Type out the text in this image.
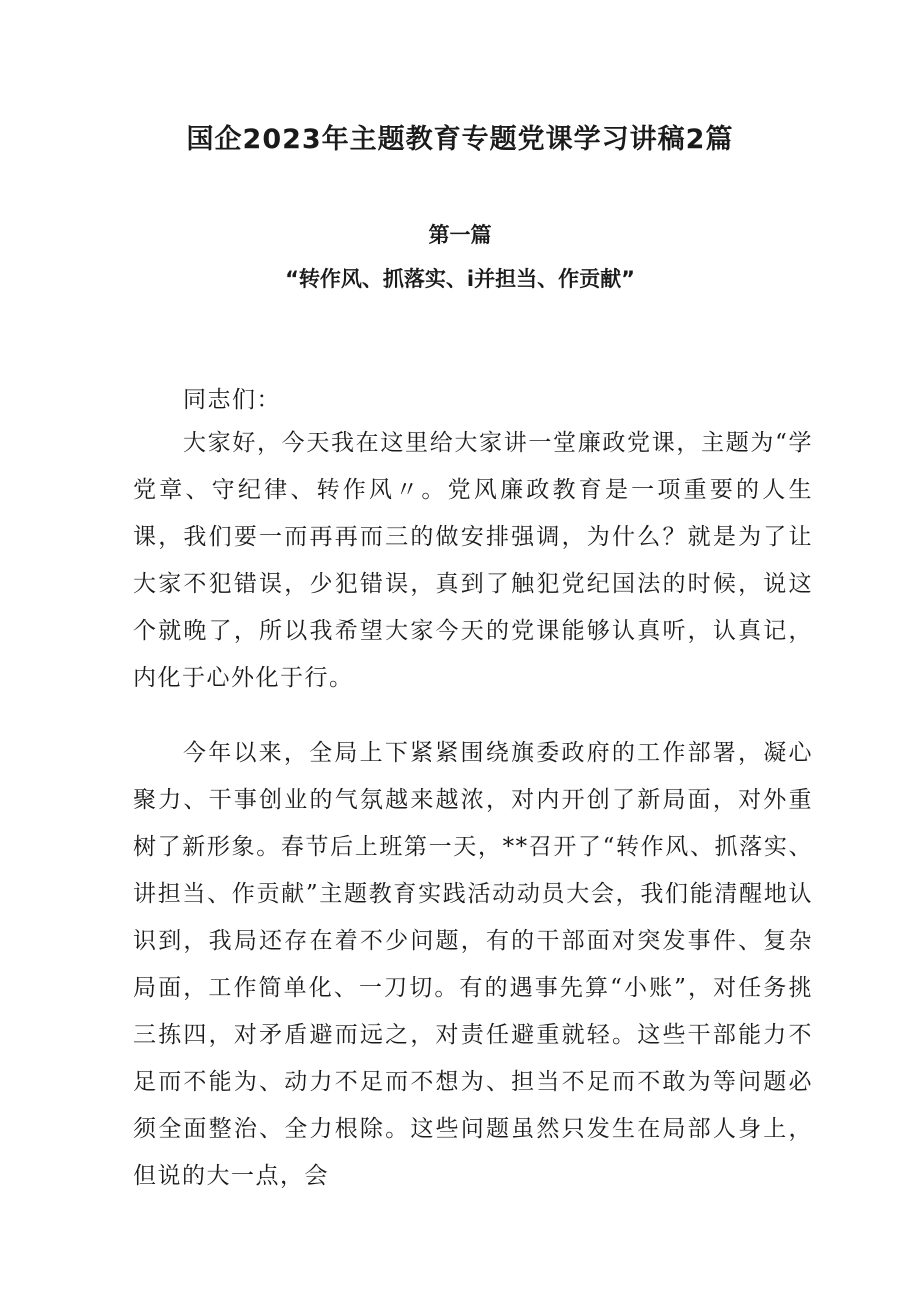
国企2023年主题教育专题党课学习讲稿2篇
第一篇
“转作风、抓落实、i并担当、作贡献”
同志们：

大家好，今天我在这里给大家讲一堂廉政党课，主题为“学党章、守纪律、转作风〃。党风廉政教育是一项重要的人生课，我们要一而再再而三的做安排强调，为什么？就是为了让大家不犯错误，少犯错误，真到了触犯党纪国法的时候，说这个就晚了，所以我希望大家今天的党课能够认真听，认真记，内化于心外化于行。

今年以来，全局上下紧紧围绕旗委政府的工作部署，凝心聚力、干事创业的气氛越来越浓，对内开创了新局面，对外重树了新形象。春节后上班第一天，**召开了“转作风、抓落实、讲担当、作贡献”主题教育实践活动动员大会，我们能清醒地认识到，我局还存在着不少问题，有的干部面对突发事件、复杂局面，工作简单化、一刀切。有的遇事先算“小账”，对任务挑三拣四，对矛盾避而远之，对责任避重就轻。这些干部能力不足而不能为、动力不足而不想为、担当不足而不敢为等问题必须全面整治、全力根除。这些问题虽然只发生在局部人身上，但说的大一点，会
